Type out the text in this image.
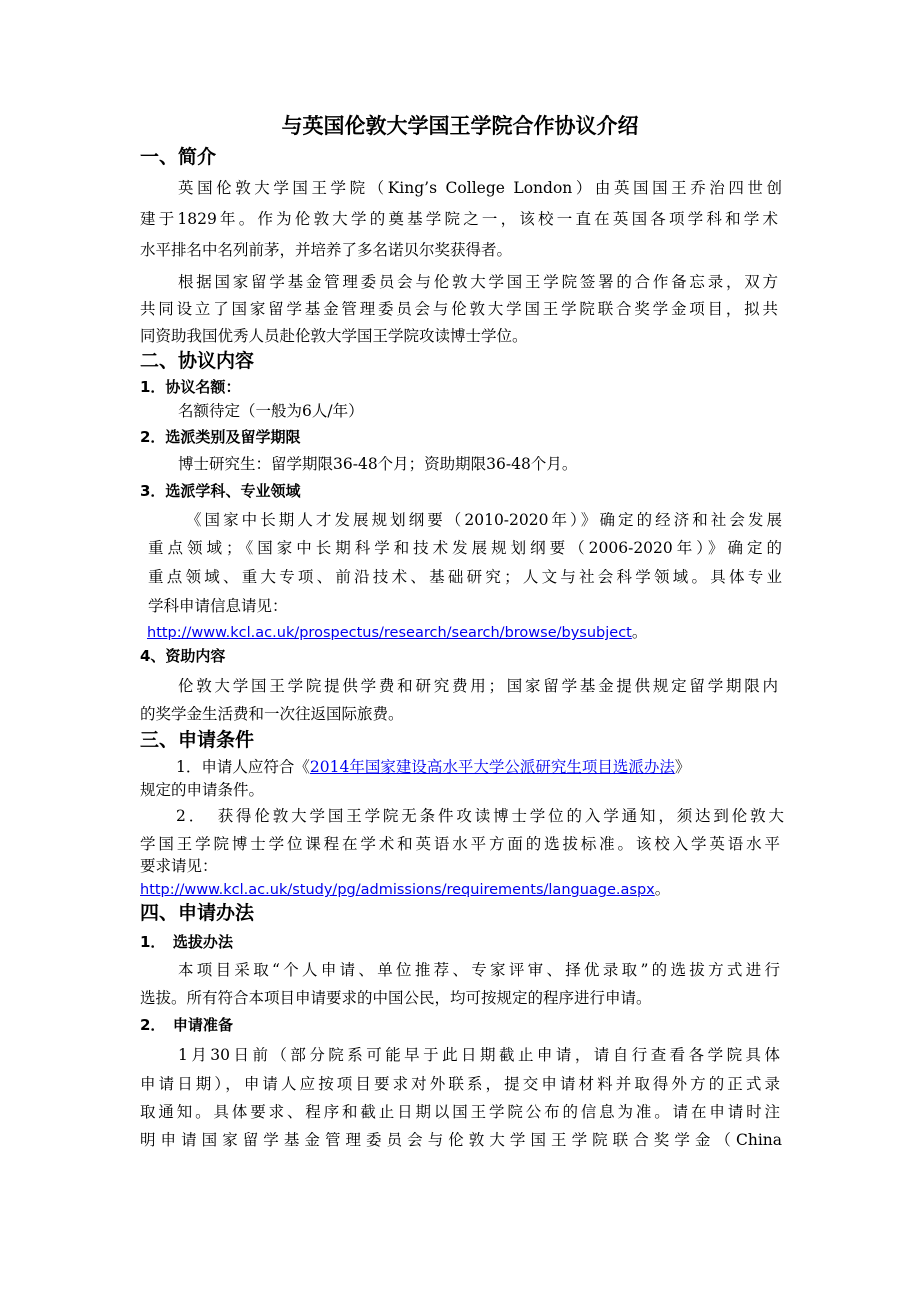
与英国伦敦大学国王学院合作协议介绍
一、简介
英国伦敦大学国王学院（King’s College London）由英国国王乔治四世创
建于1829年。作为伦敦大学的奠基学院之一，该校一直在英国各项学科和学术
水平排名中名列前茅，并培养了多名诺贝尔奖获得者。
根据国家留学基金管理委员会与伦敦大学国王学院签署的合作备忘录，双方
共同设立了国家留学基金管理委员会与伦敦大学国王学院联合奖学金项目，拟共
同资助我国优秀人员赴伦敦大学国王学院攻读博士学位。
二、协议内容
1．协议名额：
名额待定（一般为6人/年）
2．选派类别及留学期限
博士研究生：留学期限36-48个月；资助期限36-48个月。
3．选派学科、专业领域
《国家中长期人才发展规划纲要（2010-2020年）》确定的经济和社会发展
重点领域；《国家中长期科学和技术发展规划纲要（2006-2020年）》确定的
重点领域、重大专项、前沿技术、基础研究；人文与社会科学领域。具体专业
学科申请信息请见：
http://www.kcl.ac.uk/prospectus/research/search/browse/bysubject。
4、资助内容
伦敦大学国王学院提供学费和研究费用；国家留学基金提供规定留学期限内
的奖学金生活费和一次往返国际旅费。
三、申请条件
1．申请人应符合《2014年国家建设高水平大学公派研究生项目选派办法》
规定的申请条件。
2．　获得伦敦大学国王学院无条件攻读博士学位的入学通知，须达到伦敦大
学国王学院博士学位课程在学术和英语水平方面的选拔标准。该校入学英语水平
要求请见：
http://www.kcl.ac.uk/study/pg/admissions/requirements/language.aspx。
四、申请办法
1．　选拔办法
本项目采取“个人申请、单位推荐、专家评审、择优录取”的选拔方式进行
选拔。所有符合本项目申请要求的中国公民，均可按规定的程序进行申请。
2．　申请准备
1月30日前（部分院系可能早于此日期截止申请，请自行查看各学院具体
申请日期），申请人应按项目要求对外联系，提交申请材料并取得外方的正式录
取通知。具体要求、程序和截止日期以国王学院公布的信息为准。请在申请时注
明申请国家留学基金管理委员会与伦敦大学国王学院联合奖学金（China
